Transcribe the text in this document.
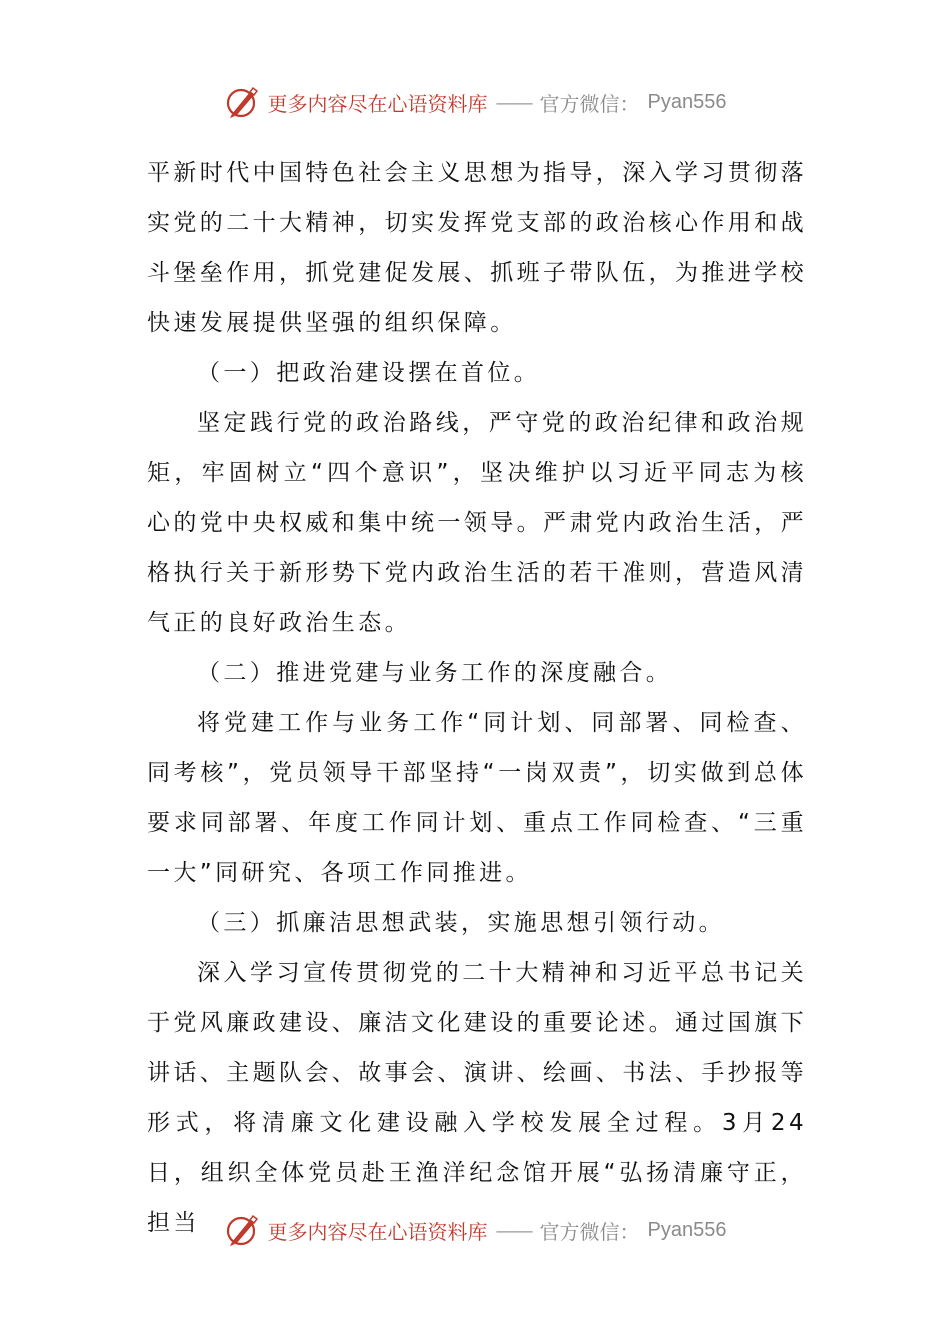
更多内容尽在心语资料库 —— 官方微信： Pyan556

平新时代中国特色社会主义思想为指导，深入学习贯彻落实党的二十大精神，切实发挥党支部的政治核心作用和战斗堡垒作用，抓党建促发展、抓班子带队伍，为推进学校快速发展提供坚强的组织保障。

（一）把政治建设摆在首位。

坚定践行党的政治路线，严守党的政治纪律和政治规矩，牢固树立“四个意识”，坚决维护以习近平同志为核心的党中央权威和集中统一领导。严肃党内政治生活，严格执行关于新形势下党内政治生活的若干准则，营造风清气正的良好政治生态。

（二）推进党建与业务工作的深度融合。

将党建工作与业务工作“同计划、同部署、同检查、同考核”，党员领导干部坚持“一岗双责”，切实做到总体要求同部署、年度工作同计划、重点工作同检查、“三重一大”同研究、各项工作同推进。

（三）抓廉洁思想武装，实施思想引领行动。

深入学习宣传贯彻党的二十大精神和习近平总书记关于党风廉政建设、廉洁文化建设的重要论述。通过国旗下讲话、主题队会、故事会、演讲、绘画、书法、手抄报等形式，将清廉文化建设融入学校发展全过程。3月24日，组织全体党员赴王渔洋纪念馆开展“弘扬清廉守正，担当	更多内容尽在心语资料库 —— 官方微信： Pyan556
